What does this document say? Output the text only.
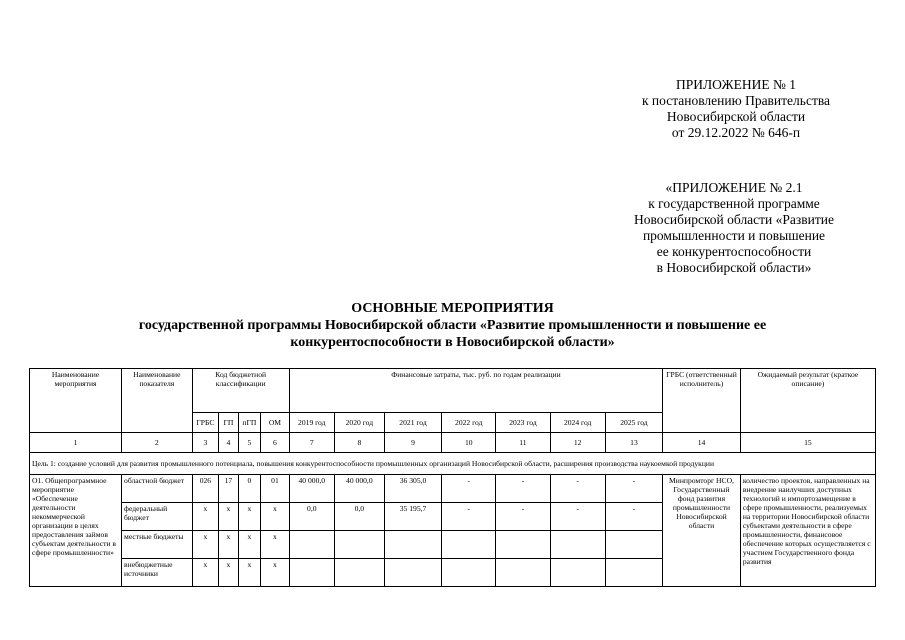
ПРИЛОЖЕНИЕ № 1
к постановлению Правительства
Новосибирской области
от 29.12.2022 № 646-п
«ПРИЛОЖЕНИЕ № 2.1
к государственной программе
Новосибирской области «Развитие
промышленности и повышение
ее конкурентоспособности
в Новосибирской области»
ОСНОВНЫЕ МЕРОПРИЯТИЯ
государственной программы Новосибирской области «Развитие промышленности и повышение ее
конкурентоспособности в Новосибирской области»
Наименование мероприятия	Наименование показателя	Код бюджетной классификации				Финансовые затраты, тыс. руб. по годам реализации							ГРБС (ответственный исполнитель)	Ожидаемый результат (краткое описание)
		ГРБС	ГП	пГП	ОМ	2019 год	2020 год	2021 год	2022 год	2023 год	2024 год	2025 год		
1	2	3	4	5	6	7	8	9	10	11	12	13	14	15
Цель 1: создание условий для развития промышленного потенциала, повышения конкурентоспособности промышленных организаций Новосибирской области, расширения производства наукоемкой продукции														
О1. Общепрограммное мероприятие «Обеспечение деятельности некоммерческой организации в целях предоставления займов субъектам деятельности в сфере промышленности»	областной бюджет	026	17	0	01	40 000,0	40 000,0	36 305,0	-	-	-	-	Минпромторг НСО, Государственный фонд развития промышленности Новосибирской области	количество проектов, направленных на внедрение наилучших доступных технологий и импортозамещение в сфере промышленности, реализуемых на территории Новосибирской области субъектами деятельности в сфере промышленности, финансовое обеспечение которых осуществляется с участием Государственного фонда развития
	федеральный бюджет	х	х	х	х	0,0	0,0	35 195,7	-	-	-	-		
	местные бюджеты	х	х	х	х									
	внебюджетные источники	х	х	х	х									
